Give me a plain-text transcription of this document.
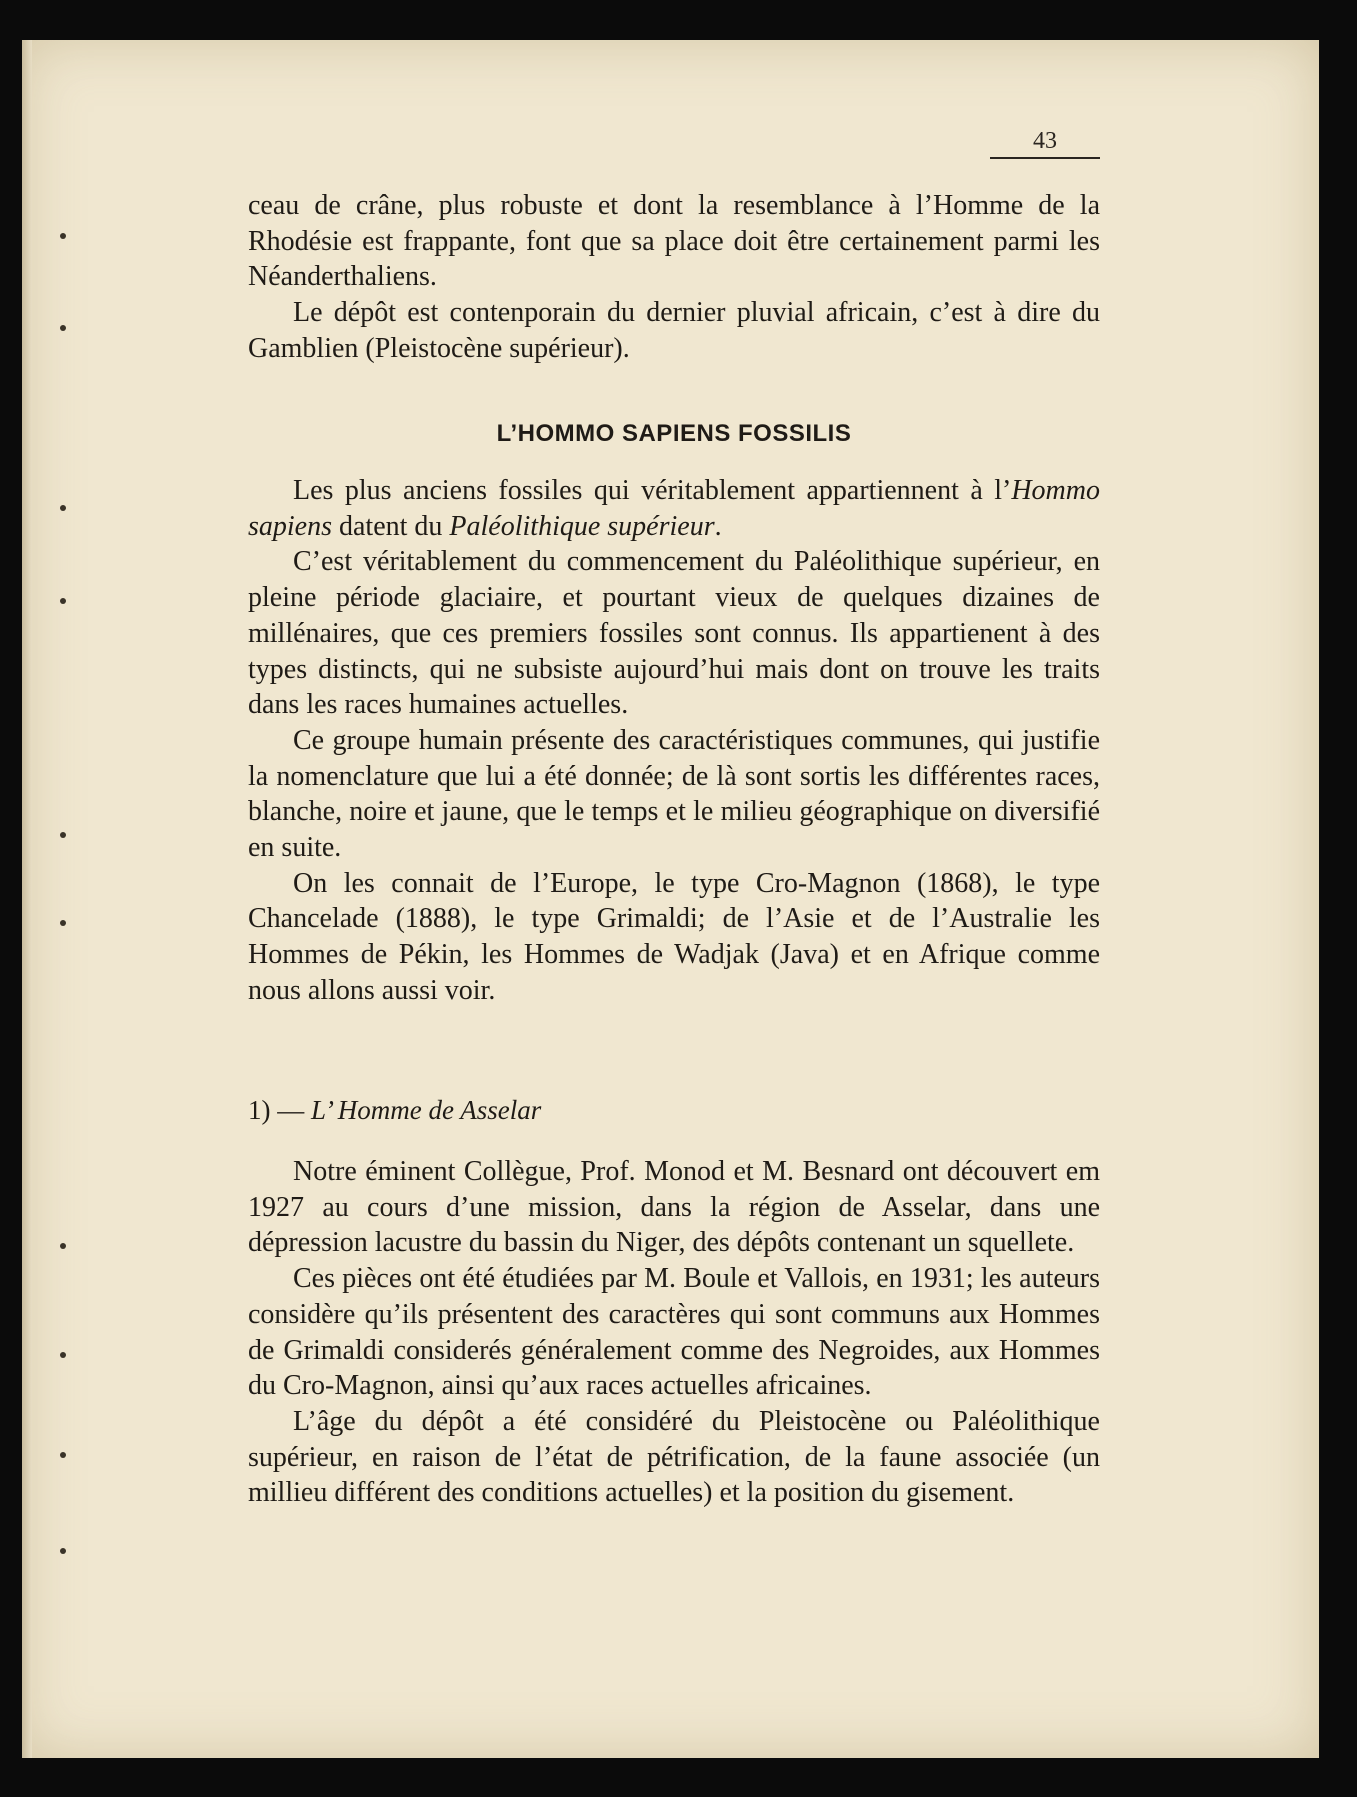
43

ceau de crâne, plus robuste et dont la resemblance à l’Homme de la Rhodésie est frappante, font que sa place doit être certainement parmi les Néanderthaliens.

Le dépôt est contenporain du dernier pluvial africain, c’est à dire du Gamblien (Pleistocène supérieur).

L’HOMMO SAPIENS FOSSILIS

Les plus anciens fossiles qui véritablement appartiennent à l’Hommo sapiens datent du Paléolithique supérieur.

C’est véritablement du commencement du Paléolithique supérieur, en pleine période glaciaire, et pourtant vieux de quelques dizaines de millénaires, que ces premiers fossiles sont connus. Ils appartienent à des types distincts, qui ne subsiste aujourd’hui mais dont on trouve les traits dans les races humaines actuelles.

Ce groupe humain présente des caractéristiques communes, qui justifie la nomenclature que lui a été donnée; de là sont sortis les différentes races, blanche, noire et jaune, que le temps et le milieu géographique on diversifié en suite.

On les connait de l’Europe, le type Cro-Magnon (1868), le type Chancelade (1888), le type Grimaldi; de l’Asie et de l’Australie les Hommes de Pékin, les Hommes de Wadjak (Java) et en Afrique comme nous allons aussi voir.

1) — L’ Homme de Asselar

Notre éminent Collègue, Prof. Monod et M. Besnard ont découvert em 1927 au cours d’une mission, dans la région de Asselar, dans une dépression lacustre du bassin du Niger, des dépôts contenant un squellete.

Ces pièces ont été étudiées par M. Boule et Vallois, en 1931; les auteurs considère qu’ils présentent des caractères qui sont communs aux Hommes de Grimaldi considerés généralement comme des Negroides, aux Hommes du Cro-Magnon, ainsi qu’aux races actuelles africaines.

L’âge du dépôt a été considéré du Pleistocène ou Paléolithique supérieur, en raison de l’état de pétrification, de la faune associée (un millieu différent des conditions actuelles) et la position du gisement.
